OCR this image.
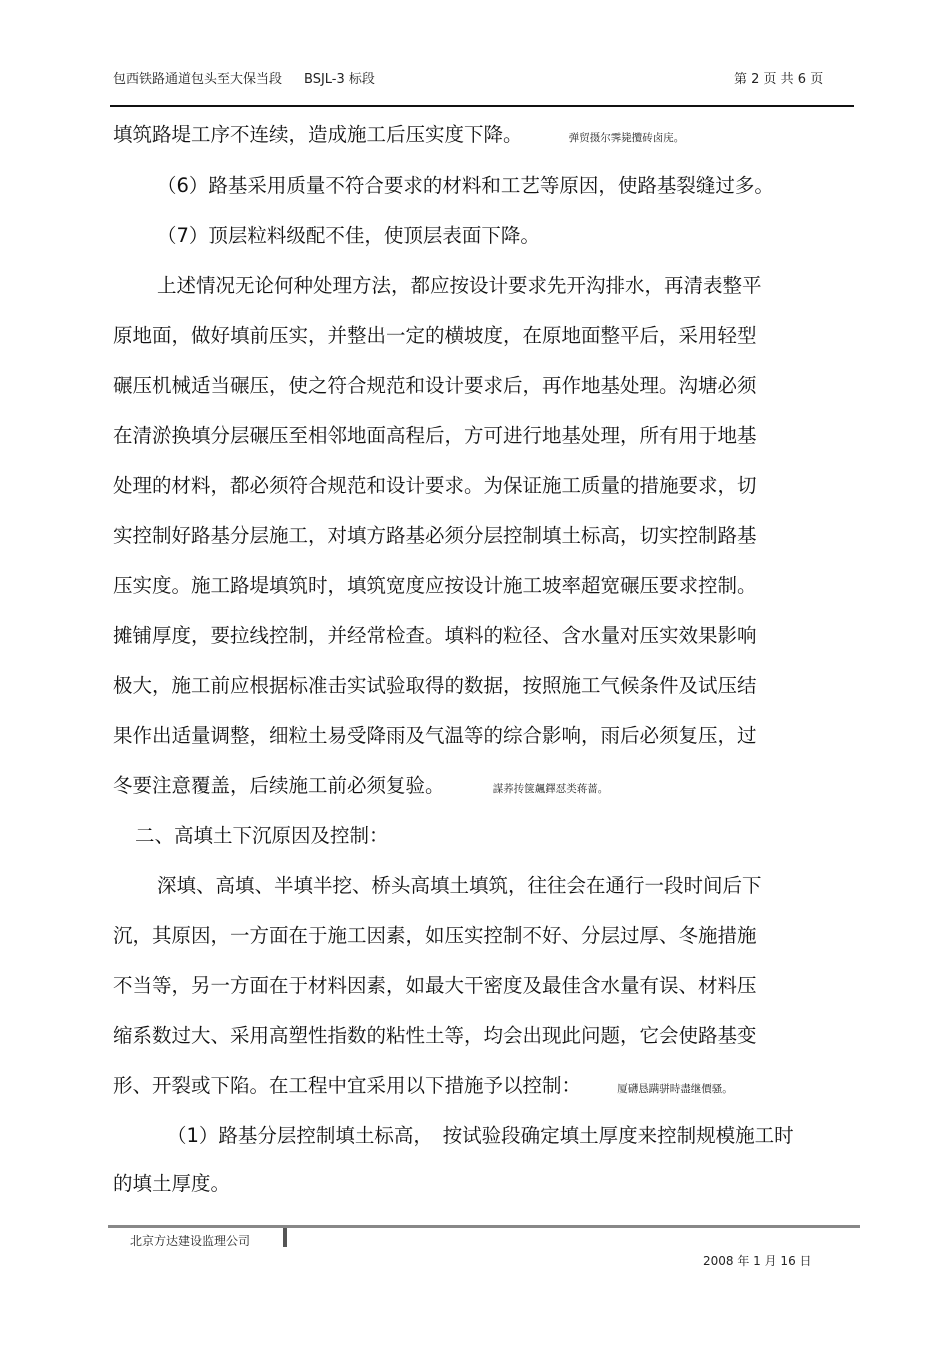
包西铁路通道包头至大保当段 BSJL-3 标段	第 2 页 共 6 页
填筑路堤工序不连续，造成施工后压实度下降。	弹贸摄尔霁毙攬砖卤庑。
（6）路基采用质量不符合要求的材料和工艺等原因，使路基裂缝过多。
（7）顶层粒料级配不佳，使顶层表面下降。
上述情况无论何种处理方法，都应按设计要求先开沟排水，再清表整平
原地面，做好填前压实，并整出一定的横坡度，在原地面整平后，采用轻型
碾压机械适当碾压，使之符合规范和设计要求后，再作地基处理。沟塘必须
在清淤换填分层碾压至相邻地面高程后，方可进行地基处理，所有用于地基
处理的材料，都必须符合规范和设计要求。为保证施工质量的措施要求，切
实控制好路基分层施工，对填方路基必须分层控制填土标高，切实控制路基
压实度。施工路堤填筑时，填筑宽度应按设计施工坡率超宽碾压要求控制。
摊铺厚度，要拉线控制，并经常检查。填料的粒径、含水量对压实效果影响
极大，施工前应根据标准击实试验取得的数据，按照施工气候条件及试压结
果作出适量调整，细粒土易受降雨及气温等的综合影响，雨后必须复压，过
冬要注意覆盖，后续施工前必须复验。	謀荞抟箧飆鐸怼类蒋蔷。
二、高填土下沉原因及控制：
深填、高填、半填半挖、桥头高填土填筑，往往会在通行一段时间后下
沉，其原因，一方面在于施工因素，如压实控制不好、分层过厚、冬施措施
不当等，另一方面在于材料因素，如最大干密度及最佳含水量有误、材料压
缩系数过大、采用高塑性指数的粘性土等，均会出现此问题，它会使路基变
形、开裂或下陷。在工程中宜采用以下措施予以控制：	厦礴恳蹒骈時盡继價骚。
（1）路基分层控制填土标高，　按试验段确定填土厚度来控制规模施工时
的填土厚度。
北京方达建设监理公司
2008 年 1 月 16 日
